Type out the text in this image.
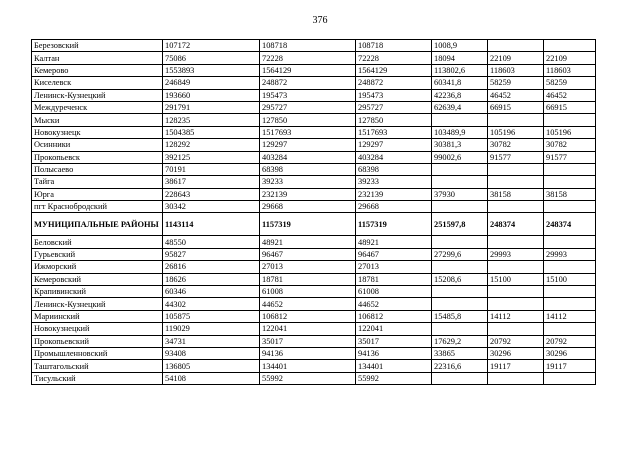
376
Березовский	107172	108718	108718	1008,9		
Калтан	75086	72228	72228	18094	22109	22109
Кемерово	1553893	1564129	1564129	113802,6	118603	118603
Киселевск	246849	248872	248872	60341,8	58259	58259
Ленинск-Кузнецкий	193660	195473	195473	42236,8	46452	46452
Междуреченск	291791	295727	295727	62639,4	66915	66915
Мыски	128235	127850	127850			
Новокузнецк	1504385	1517693	1517693	103489,9	105196	105196
Осинники	128292	129297	129297	30381,3	30782	30782
Прокопьевск	392125	403284	403284	99002,6	91577	91577
Полысаево	70191	68398	68398			
Тайга	38617	39233	39233			
Юрга	228643	232139	232139	37930	38158	38158
пгт Краснобродский	30342	29668	29668			
МУНИЦИПАЛЬНЫЕ РАЙОНЫ	1143114	1157319	1157319	251597,8	248374	248374
Беловский	48550	48921	48921			
Гурьевский	95827	96467	96467	27299,6	29993	29993
Ижморский	26816	27013	27013			
Кемеровский	18626	18781	18781	15208,6	15100	15100
Крапивинский	60346	61008	61008			
Ленинск-Кузнецкий	44302	44652	44652			
Мариинский	105875	106812	106812	15485,8	14112	14112
Новокузнецкий	119029	122041	122041			
Прокопьевский	34731	35017	35017	17629,2	20792	20792
Промышленновский	93408	94136	94136	33865	30296	30296
Таштагольский	136805	134401	134401	22316,6	19117	19117
Тисульский	54108	55992	55992			
